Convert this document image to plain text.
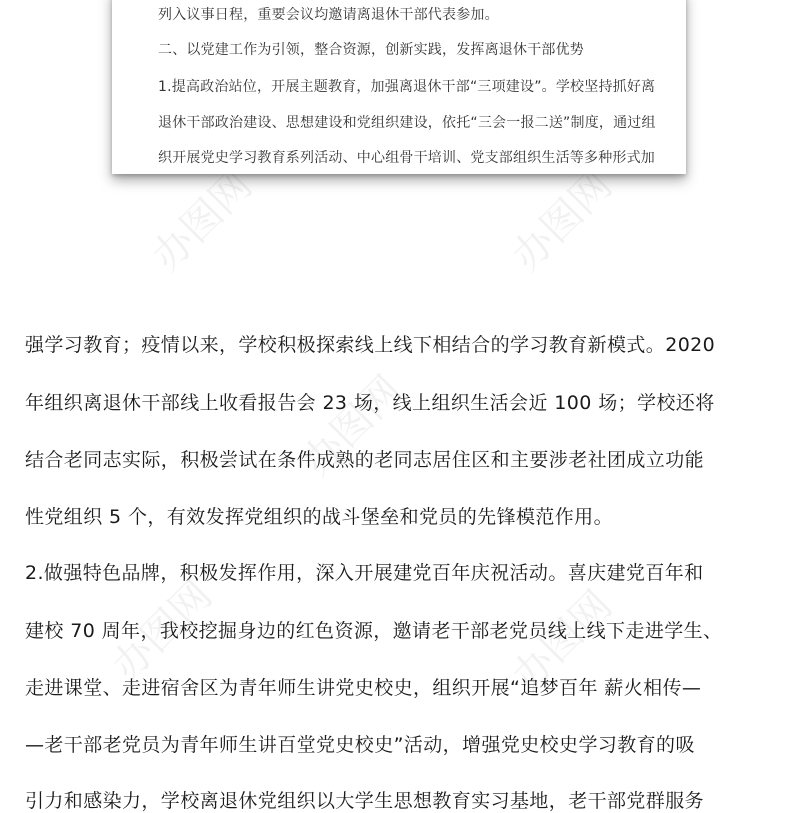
办图网	办图网
办图网
办图网	办图网
列入议事日程，重要会议均邀请离退休干部代表参加。
二、以党建工作为引领，整合资源，创新实践，发挥离退休干部优势
1.提高政治站位，开展主题教育，加强离退休干部“三项建设”。学校坚持抓好离
退休干部政治建设、思想建设和党组织建设，依托“三会一报二送”制度，通过组
织开展党史学习教育系列活动、中心组骨干培训、党支部组织生活等多种形式加
强学习教育；疫情以来，学校积极探索线上线下相结合的学习教育新模式。2020
年组织离退休干部线上收看报告会 23 场，线上组织生活会近 100 场；学校还将
结合老同志实际，积极尝试在条件成熟的老同志居住区和主要涉老社团成立功能
性党组织 5 个，有效发挥党组织的战斗堡垒和党员的先锋模范作用。
2.做强特色品牌，积极发挥作用，深入开展建党百年庆祝活动。喜庆建党百年和
建校 70 周年，我校挖掘身边的红色资源，邀请老干部老党员线上线下走进学生、
走进课堂、走进宿舍区为青年师生讲党史校史，组织开展“追梦百年 薪火相传—
—老干部老党员为青年师生讲百堂党史校史”活动，增强党史校史学习教育的吸
引力和感染力，学校离退休党组织以大学生思想教育实习基地，老干部党群服务
